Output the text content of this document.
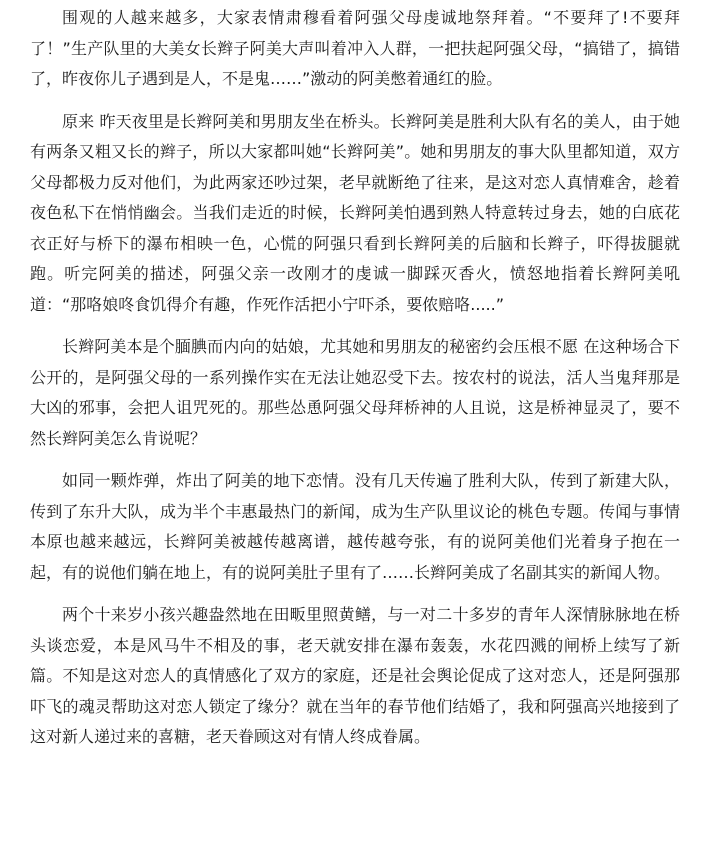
围观的人越来越多，大家表情肃穆看着阿强父母虔诚地祭拜着。“不要拜了!不要拜了！”生产队里的大美女长辫子阿美大声叫着冲入人群，一把扶起阿强父母，“搞错了，搞错了，昨夜你儿子遇到是人，不是鬼……”激动的阿美憋着通红的脸。

原来 昨天夜里是长辫阿美和男朋友坐在桥头。长辫阿美是胜利大队有名的美人，由于她有两条又粗又长的辫子，所以大家都叫她“长辫阿美”。她和男朋友的事大队里都知道，双方父母都极力反对他们，为此两家还吵过架，老早就断绝了往来，是这对恋人真情难舍，趁着夜色私下在悄悄幽会。当我们走近的时候，长辫阿美怕遇到熟人特意转过身去，她的白底花衣正好与桥下的瀑布相映一色，心慌的阿强只看到长辫阿美的后脑和长辫子，吓得拔腿就跑。听完阿美的描述，阿强父亲一改刚才的虔诚一脚踩灭香火，愤怒地指着长辫阿美吼道：“那咯娘咚食饥得介有趣，作死作活把小宁吓杀，要侬赔咯.....”

长辫阿美本是个腼腆而内向的姑娘，尤其她和男朋友的秘密约会压根不愿 在这种场合下公开的，是阿强父母的一系列操作实在无法让她忍受下去。按农村的说法，活人当鬼拜那是大凶的邪事，会把人诅咒死的。那些怂恿阿强父母拜桥神的人且说，这是桥神显灵了，要不然长辫阿美怎么肯说呢？

如同一颗炸弹，炸出了阿美的地下恋情。没有几天传遍了胜利大队，传到了新建大队，传到了东升大队，成为半个丰惠最热门的新闻，成为生产队里议论的桃色专题。传闻与事情本原也越来越远，长辫阿美被越传越离谱，越传越夸张，有的说阿美他们光着身子抱在一起，有的说他们躺在地上，有的说阿美肚子里有了……长辫阿美成了名副其实的新闻人物。

两个十来岁小孩兴趣盎然地在田畈里照黄鳝，与一对二十多岁的青年人深情脉脉地在桥头谈恋爱，本是风马牛不相及的事，老天就安排在瀑布轰轰，水花四溅的闸桥上续写了新篇。不知是这对恋人的真情感化了双方的家庭，还是社会舆论促成了这对恋人，还是阿强那吓飞的魂灵帮助这对恋人锁定了缘分？就在当年的春节他们结婚了，我和阿强高兴地接到了这对新人递过来的喜糖，老天眷顾这对有情人终成眷属。
